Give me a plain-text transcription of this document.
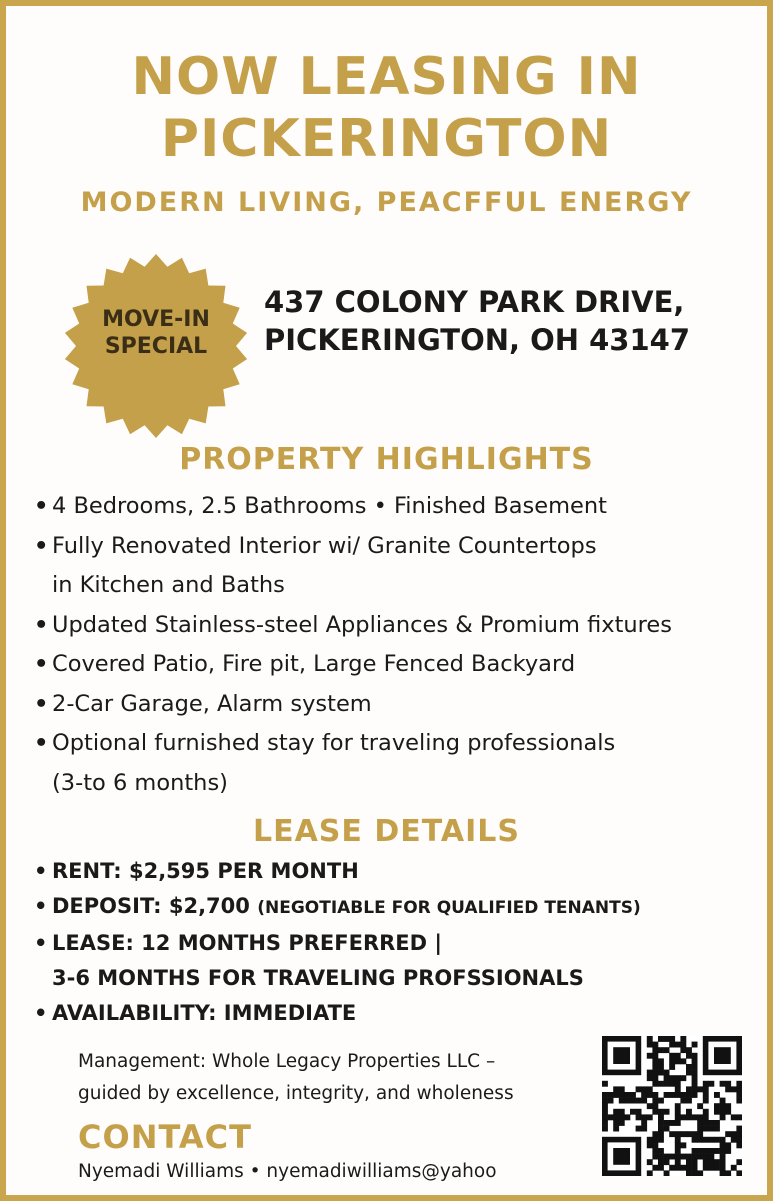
NOW LEASING IN
PICKERINGTON
MODERN LIVING, PEACFFUL ENERGY
MOVE-IN
SPECIAL
437 COLONY PARK DRIVE,
PICKERINGTON, OH 43147
PROPERTY HIGHLIGHTS
• 4 Bedrooms, 2.5 Bathrooms • Finished Basement
• Fully Renovated Interior wi/ Granite Countertops
in Kitchen and Baths
• Updated Stainless-steel Appliances & Promium fixtures
• Covered Patio, Fire pit, Large Fenced Backyard
• 2-Car Garage, Alarm system
• Optional furnished stay for traveling professionals
(3-to 6 months)
LEASE DETAILS
• RENT: $2,595 PER MONTH
• DEPOSIT: $2,700 (NEGOTIABLE FOR QUALIFIED TENANTS)
• LEASE: 12 MONTHS PREFERRED |
3-6 MONTHS FOR TRAVELING PROFSSIONALS
• AVAILABILITY: IMMEDIATE
Management: Whole Legacy Properties LLC –
guided by excellence, integrity, and wholeness
CONTACT
Nyemadi Williams • nyemadiwilliams@yahoo
